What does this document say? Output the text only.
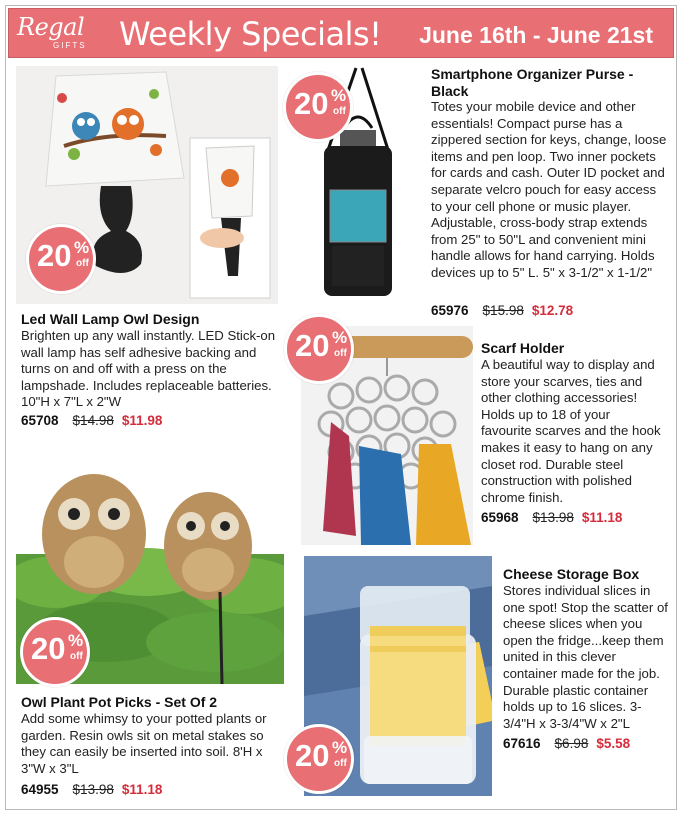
Regal
GIFTS Weekly Specials! June 16th - June 21st
20 %
off
Led Wall Lamp Owl Design
Brighten up any wall instantly. LED Stick-on wall lamp has self adhesive backing and turns on and off with a press on the lampshade. Includes replaceable batteries. 10"H x 7"L x 2"W
65708 $14.98 $11.98
20 %
off
Smartphone Organizer Purse - Black
Totes your mobile device and other essentials! Compact purse has a zippered section for keys, change, loose items and pen loop. Two inner pockets for cards and cash. Outer ID pocket and separate velcro pouch for easy access to your cell phone or music player. Adjustable, cross-body strap extends from 25" to 50"L and convenient mini handle allows for hand carrying. Holds devices up to 5" L. 5" x 3-1/2" x 1-1/2"
65976 $15.98 $12.78
20 %
off	Scarf Holder
A beautiful way to display and store your scarves, ties and other clothing accessories! Holds up to 18 of your favourite scarves and the hook makes it easy to hang on any closet rod. Durable steel construction with polished chrome finish.
65968 $13.98 $11.18
20 %
off
Owl Plant Pot Picks - Set Of 2
Add some whimsy to your potted plants or garden. Resin owls sit on metal stakes so they can easily be inserted into soil. 8'H x 3"W x 3"L
64955 $13.98 $11.18
20 %
off
Cheese Storage Box
Stores individual slices in one spot! Stop the scatter of cheese slices when you open the fridge...keep them united in this clever container made for the job. Durable plastic container holds up to 16 slices. 3-3/4"H x 3-3/4"W x 2"L
67616 $6.98 $5.58
